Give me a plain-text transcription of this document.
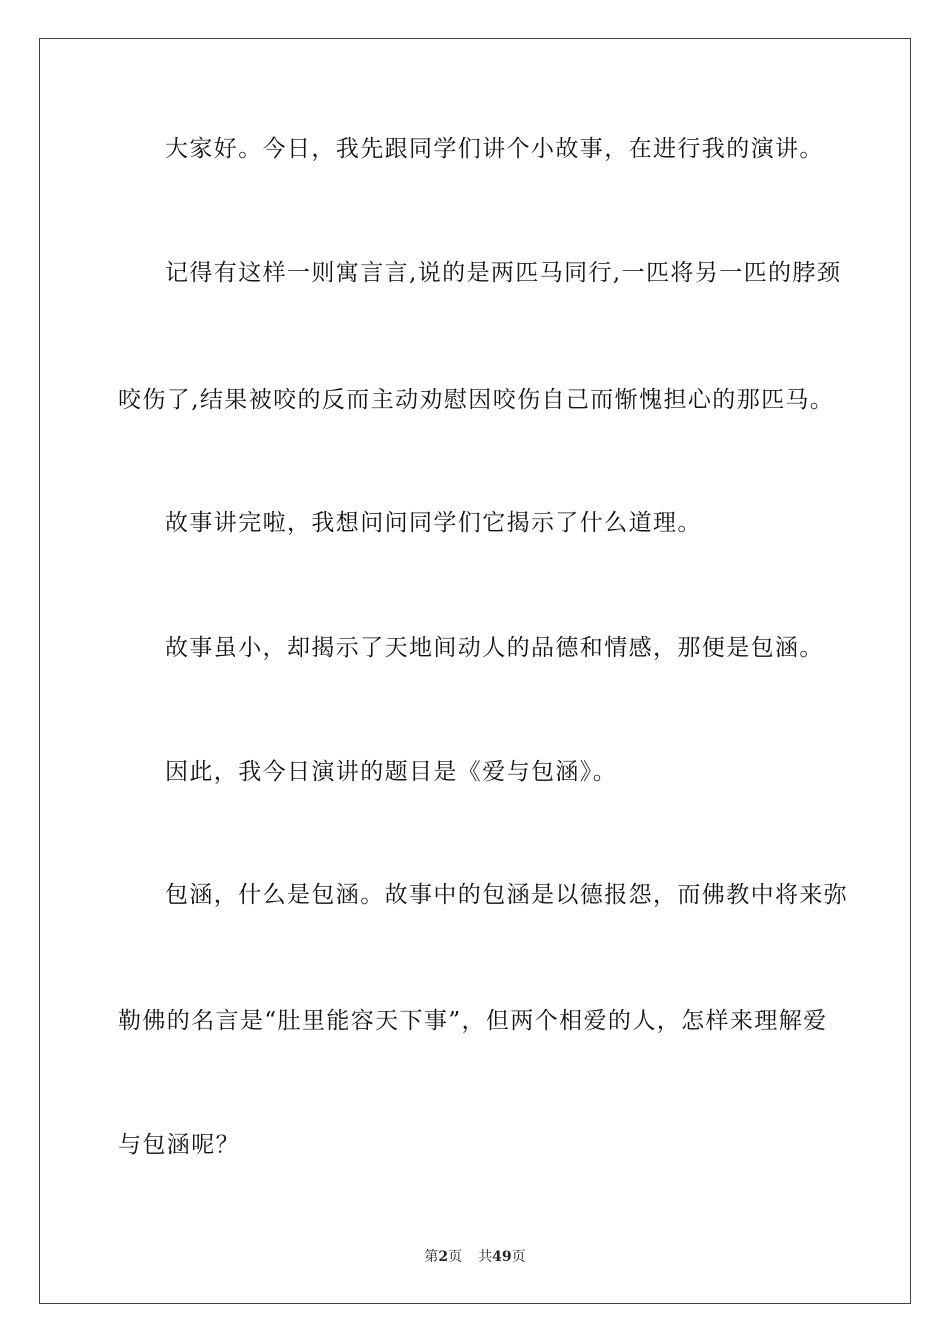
大家好。今日，我先跟同学们讲个小故事，在进行我的演讲。
记得有这样一则寓言言,说的是两匹马同行,一匹将另一匹的脖颈
咬伤了,结果被咬的反而主动劝慰因咬伤自己而惭愧担心的那匹马。
故事讲完啦，我想问问同学们它揭示了什么道理。
故事虽小，却揭示了天地间动人的品德和情感，那便是包涵。
因此，我今日演讲的题目是《爱与包涵》。
包涵，什么是包涵。故事中的包涵是以德报怨，而佛教中将来弥
勒佛的名言是“肚里能容天下事”，但两个相爱的人，怎样来理解爱
与包涵呢？
第2页 共49页
